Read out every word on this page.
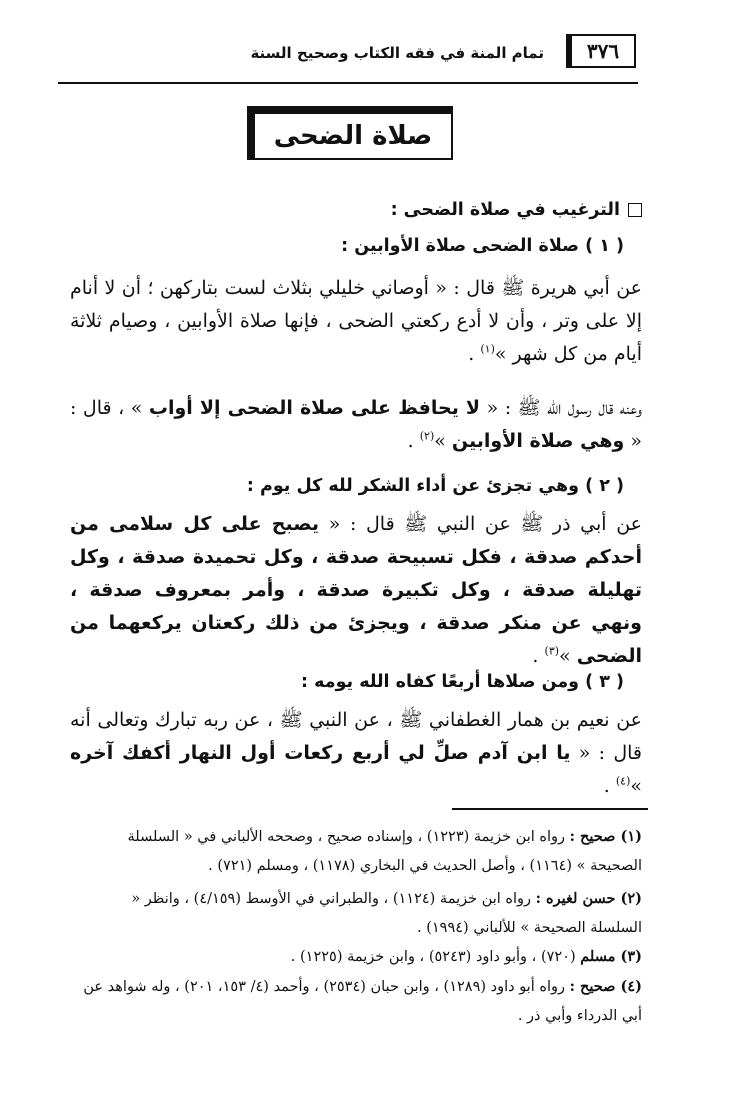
٣٧٦
تمام المنة في فقه الكتاب وصحيح السنة
صلاة الضحى
الترغيب في صلاة الضحى :
( ١ ) صلاة الضحى صلاة الأوابين :
عن أبي هريرة ﷺ قال : « أوصاني خليلي بثلاث لست بتاركهن ؛ أن لا أنام إلا على وتر ، وأن لا أدع ركعتي الضحى ، فإنها صلاة الأوابين ، وصيام ثلاثة أيام من كل شهر »$^{(١)}$ .
وعنه قال رسول الله ﷺ : « لا يحافظ على صلاة الضحى إلا أواب » ، قال : « وهي صلاة الأوابين »$^{(٢)}$ .
( ٢ ) وهي تجزئ عن أداء الشكر لله كل يوم :
عن أبي ذر ﷺ عن النبي ﷺ قال : « يصبح على كل سلامى من أحدكم صدقة ، فكل تسبيحة صدقة ، وكل تحميدة صدقة ، وكل تهليلة صدقة ، وكل تكبيرة صدقة ، وأمر بمعروف صدقة ، ونهي عن منكر صدقة ، ويجزئ من ذلك ركعتان يركعهما من الضحى »$^{(٣)}$ .
( ٣ ) ومن صلاها أربعًا كفاه الله يومه :
عن نعيم بن همار الغطفاني ﷺ ، عن النبي ﷺ ، عن ربه تبارك وتعالى أنه قال : « يا ابن آدم صلِّ لي أربع ركعات أول النهار أكفك آخره »$^{(٤)}$ .
(١) صحيح : رواه ابن خزيمة (١٢٢٣) ، وإسناده صحيح ، وصححه الألباني في « السلسلة الصحيحة » (١١٦٤) ، وأصل الحديث في البخاري (١١٧٨) ، ومسلم (٧٢١) .
(٢) حسن لغيره : رواه ابن خزيمة (١١٢٤) ، والطبراني في الأوسط (٤/١٥٩) ، وانظر « السلسلة الصحيحة » للألباني (١٩٩٤) .
(٣) مسلم (٧٢٠) ، وأبو داود (٥٢٤٣) ، وابن خزيمة (١٢٢٥) .
(٤) صحيح : رواه أبو داود (١٢٨٩) ، وابن حبان (٢٥٣٤) ، وأحمد (٤/ ١٥٣، ٢٠١) ، وله شواهد عن أبي الدرداء وأبي ذر .
